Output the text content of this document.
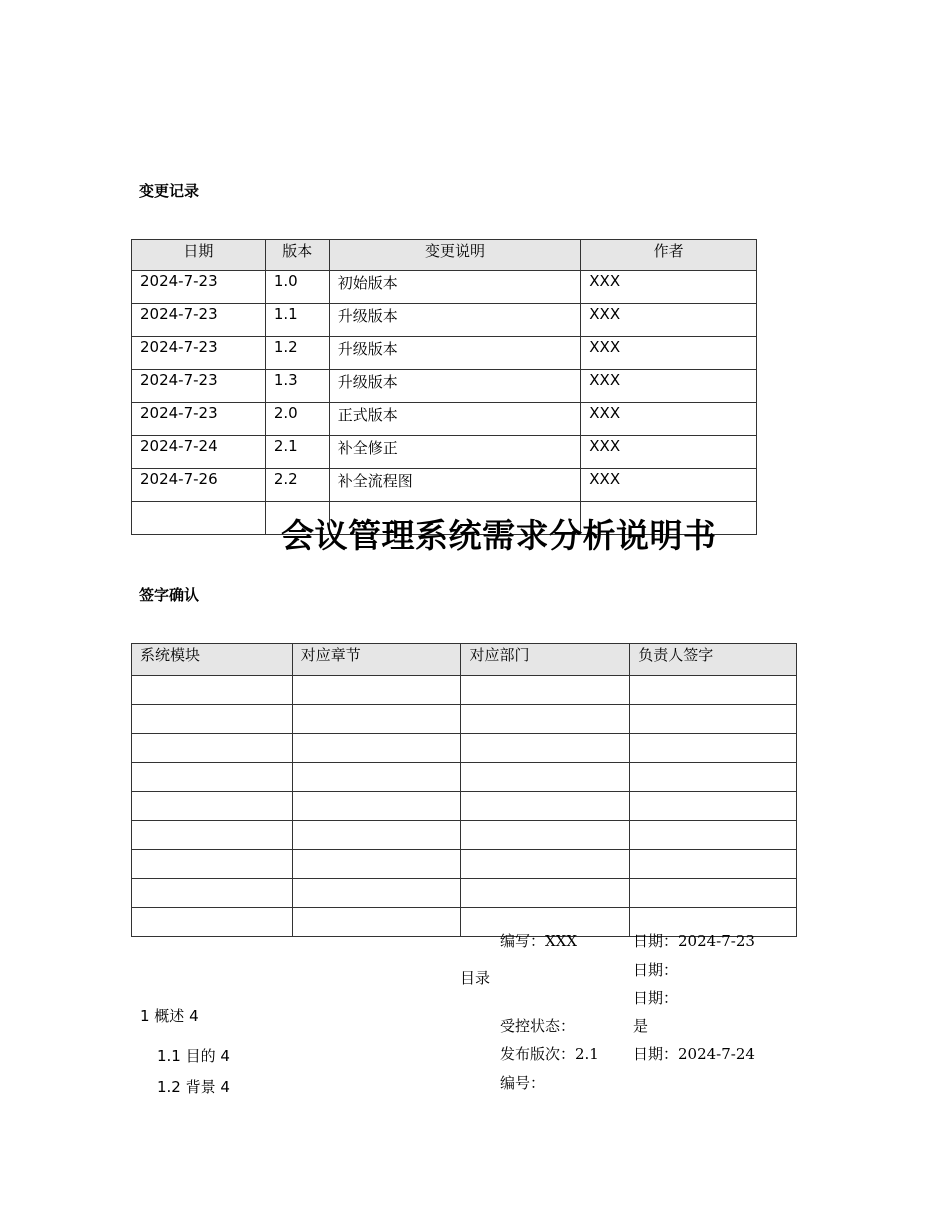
变更记录
日期	版本	变更说明	作者
2024-7-23	1.0	初始版本	XXX
2024-7-23	1.1	升级版本	XXX
2024-7-23	1.2	升级版本	XXX
2024-7-23	1.3	升级版本	XXX
2024-7-23	2.0	正式版本	XXX
2024-7-24	2.1	补全修正	XXX
2024-7-26	2.2	补全流程图	XXX

会议管理系统需求分析说明书
签字确认
系统模块	对应章节	对应部门	负责人签字

编写：XXX	日期：2024-7-23
日期：
日期：
受控状态：	是
发布版次：2.1 日期：2024-7-24
编号：
目录
1 概述 4
1.1 目的 4
1.2 背景 4
